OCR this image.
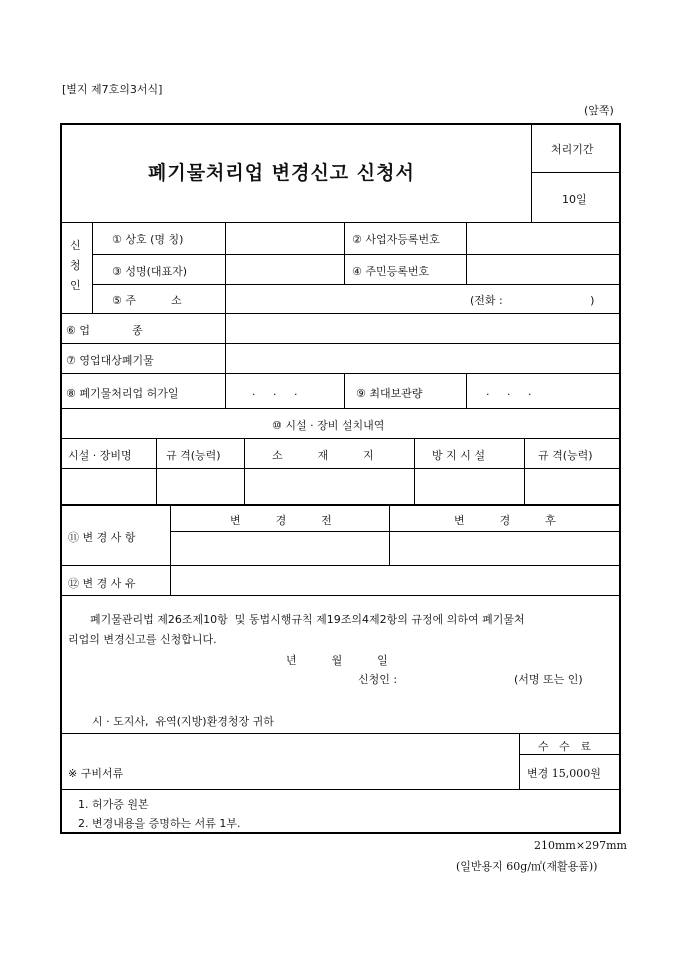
[별지 제7호의3서식]
(앞쪽)
폐기물처리업 변경신고 신청서
처리기간
10일
신
청
인
① 상호 (명 칭)	② 사업자등록번호
③ 성명(대표자)	④ 주민등록번호
⑤ 주          소	(전화 :                         )
⑥ 업            종
⑦ 영업대상폐기물
⑧ 폐기물처리업 허가일	.     .     .	⑨ 최대보관량	.     .     .
⑩ 시설 · 장비 설치내역
시설 · 장비명	규 격(능력)	소          재          지	방 지 시 설	규 격(능력)
⑪ 변 경 사 항
변          경          전	변          경          후
⑫ 변 경 사 유
폐기물관리법 제26조제10항  및 동법시행규칙 제19조의4제2항의 규정에 의하여 폐기물처
리업의 변경신고를 신청합니다.
년          월          일
신청인 :	(서명 또는 인)
시 · 도지사,  유역(지방)환경청장 귀하
※ 구비서류
1. 허가증 원본
2. 변경내용을 증명하는 서류 1부.
수   수   료
변경 15,000원
210mm×297mm
(일반용지 60g/㎡(재활용품))
